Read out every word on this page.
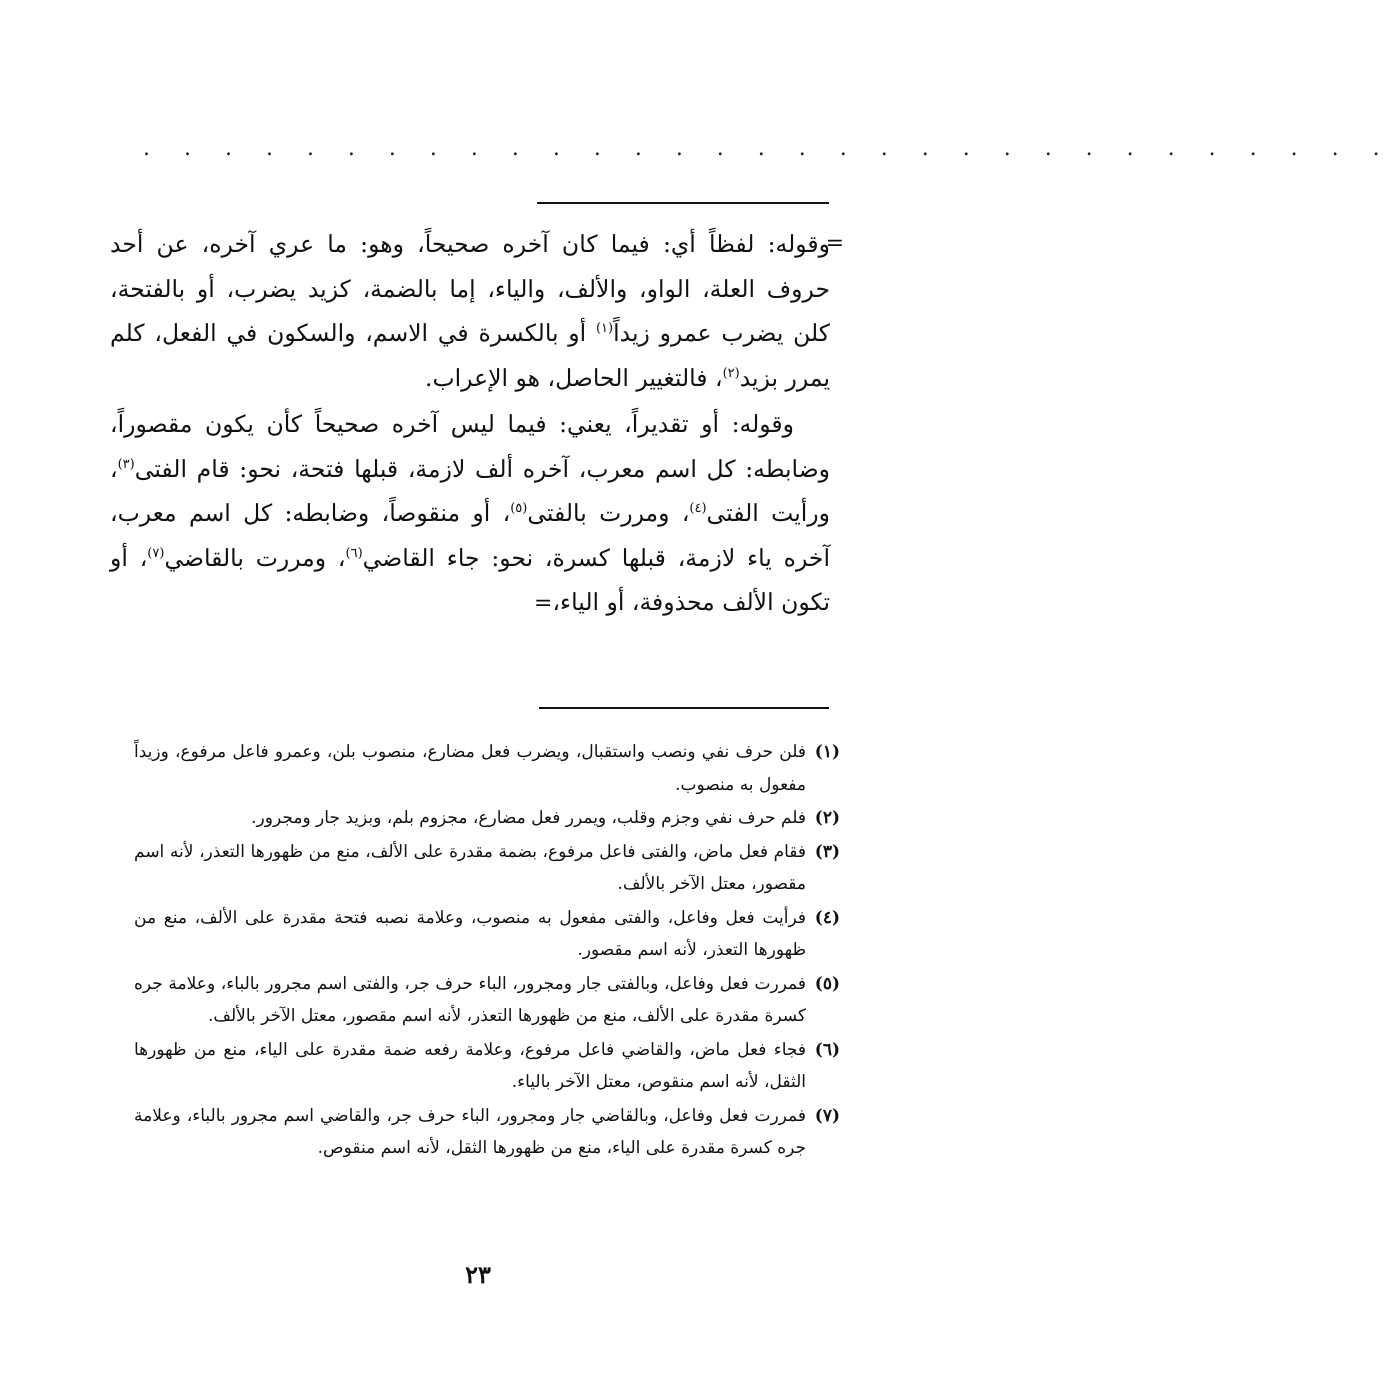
. . . . . . . . . . . . . . . . . . . . . . . . . . . . . . .
=

وقوله: لفظاً أي: فيما كان آخره صحيحاً، وهو: ما عري آخره، عن أحد حروف العلة، الواو، والألف، والياء، إما بالضمة، كزيد يضرب، أو بالفتحة، كلن يضرب عمرو زيداً$^{(١)}$ أو بالكسرة في الاسم، والسكون في الفعل، كلم يمرر بزيد$^{(٢)}$، فالتغيير الحاصل، هو الإعراب.

وقوله: أو تقديراً، يعني: فيما ليس آخره صحيحاً كأن يكون مقصوراً، وضابطه: كل اسم معرب، آخره ألف لازمة، قبلها فتحة، نحو: قام الفتى$^{(٣)}$، ورأيت الفتى$^{(٤)}$، ومررت بالفتى$^{(٥)}$، أو منقوصاً، وضابطه: كل اسم معرب، آخره ياء لازمة، قبلها كسرة، نحو: جاء القاضي$^{(٦)}$، ومررت بالقاضي$^{(٧)}$، أو تكون الألف محذوفة، أو الياء،=

(١)
فلن حرف نفي ونصب واستقبال، ويضرب فعل مضارع، منصوب بلن، وعمرو فاعل مرفوع، وزيداً مفعول به منصوب.
(٢)
فلم حرف نفي وجزم وقلب، ويمرر فعل مضارع، مجزوم بلم، وبزيد جار ومجرور.
(٣)
فقام فعل ماض، والفتى فاعل مرفوع، بضمة مقدرة على الألف، منع من ظهورها التعذر، لأنه اسم مقصور، معتل الآخر بالألف.
(٤)
فرأيت فعل وفاعل، والفتى مفعول به منصوب، وعلامة نصبه فتحة مقدرة على الألف، منع من ظهورها التعذر، لأنه اسم مقصور.
(٥)
فمررت فعل وفاعل، وبالفتى جار ومجرور، الباء حرف جر، والفتى اسم مجرور بالباء، وعلامة جره كسرة مقدرة على الألف، منع من ظهورها التعذر، لأنه اسم مقصور، معتل الآخر بالألف.
(٦)
فجاء فعل ماض، والقاضي فاعل مرفوع، وعلامة رفعه ضمة مقدرة على الياء، منع من ظهورها الثقل، لأنه اسم منقوص، معتل الآخر بالياء.
(٧)
فمررت فعل وفاعل، وبالقاضي جار ومجرور، الباء حرف جر، والقاضي اسم مجرور بالباء، وعلامة جره كسرة مقدرة على الياء، منع من ظهورها الثقل، لأنه اسم منقوص.
٢٣
